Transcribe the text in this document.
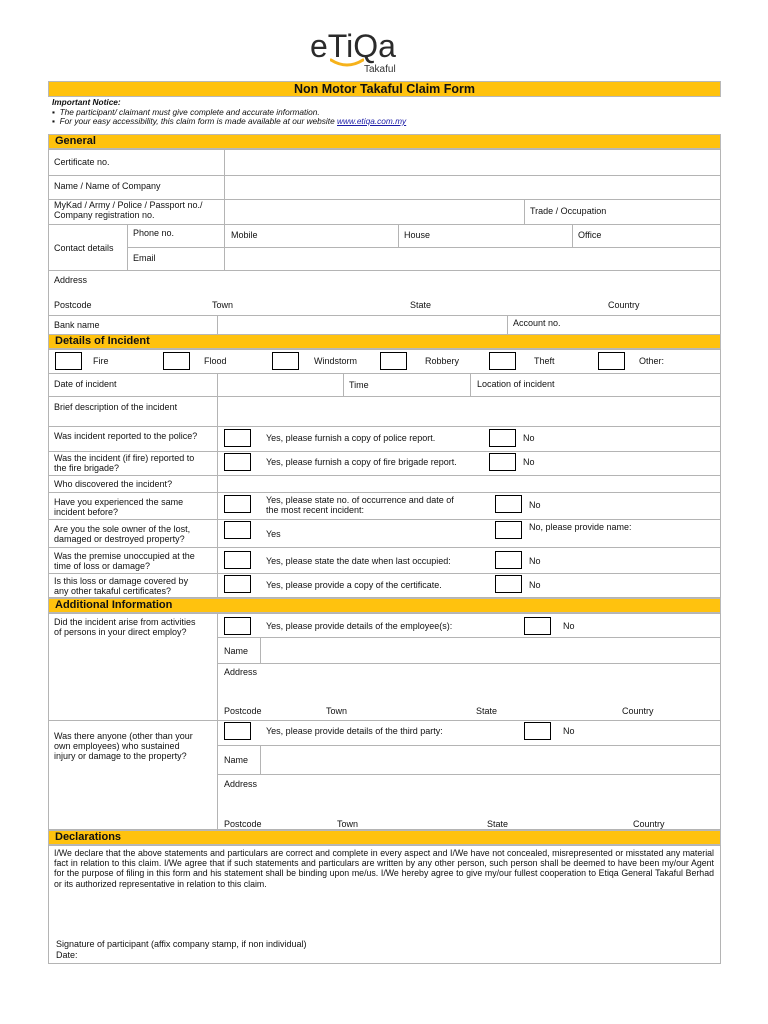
eTiQa
Takaful
Non Motor Takaful Claim Form
Important Notice:
▪  The participant/ claimant must give complete and accurate information.
▪  For your easy accessibility, this claim form is made available at our website www.etiqa.com.my
General
Certificate no.
Name / Name of Company
MyKad / Army / Police / Passport no./
Company registration no.	Trade / Occupation
Contact details
Phone no.	Mobile	House	Office
Email
Address
Postcode	Town	State	Country
Bank name	Account no.
Details of Incident
Fire	Flood	Windstorm	Robbery	Theft	Other:
Date of incident	Time	Location of incident
Brief description of the incident
Was incident reported to the police?	Yes, please furnish a copy of police report.	No
Was the incident (if fire) reported to
the fire brigade?
Yes, please furnish a copy of fire brigade report.	No
Who discovered the incident?
Have you experienced the same
incident before?
Yes, please state no. of occurrence and date of
the most recent incident:	No
Are you the sole owner of the lost,
damaged or destroyed property?	Yes
No, please provide name:
Was the premise unoccupied at the
time of loss or damage?	Yes, please state the date when last occupied:	No
Is this loss or damage covered by
any other takaful certificates?
Yes, please provide a copy of the certificate.	No
Additional Information
Did the incident arise from activities
of persons in your direct employ?
Yes, please provide details of the employee(s):	No
Name
Address
Postcode	Town	State	Country
Was there anyone (other than your
own employees) who sustained
injury or damage to the property?
Yes, please provide details of the third party:	No
Name
Address
Postcode	Town	State	Country
Declarations
I/We declare that the above statements and particulars are correct and complete in every aspect and I/We have not concealed, misrepresented or misstated any material fact in relation to this claim. I/We agree that if such statements and particulars are written by any other person, such person shall be deemed to have been my/our Agent for the purpose of filing in this form and his statement shall be binding upon me/us. I/We hereby agree to give my/our fullest cooperation to Etiqa General Takaful Berhad or its authorized representative in relation to this claim.
Signature of participant (affix company stamp, if non individual)
Date:
